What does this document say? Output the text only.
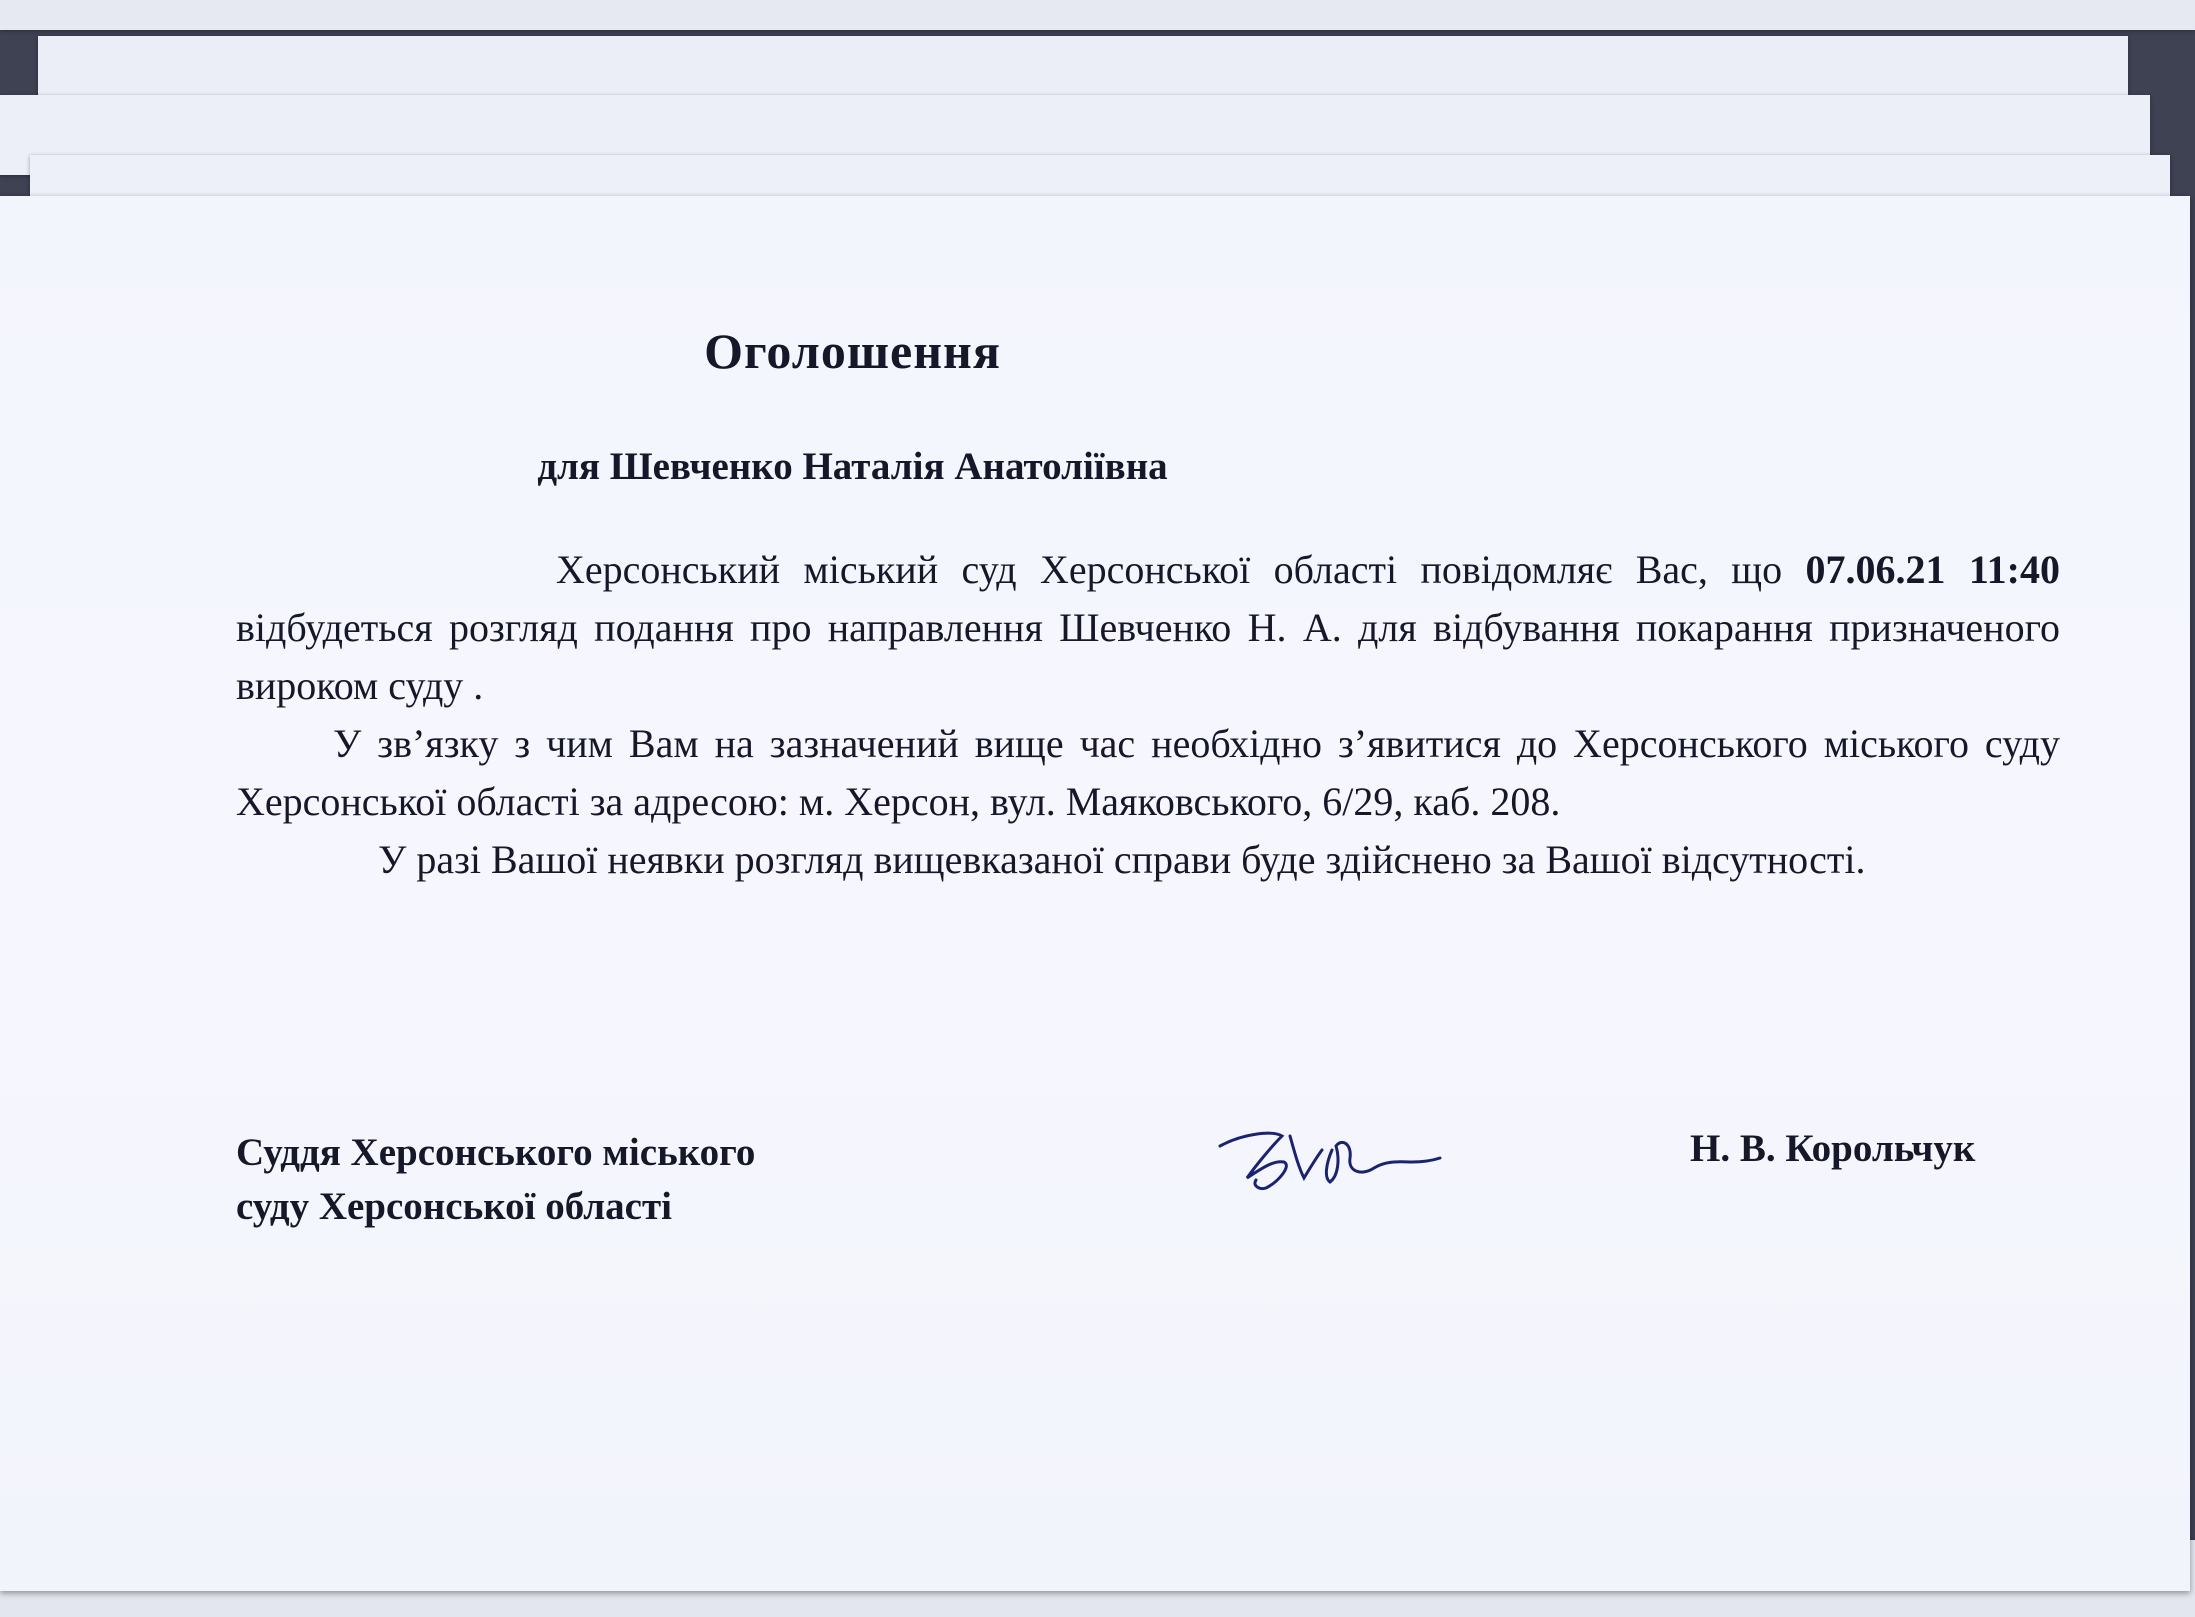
Оголошення
для Шевченко Наталія Анатоліївна

Херсонський міський суд Херсонської області повідомляє Вас, що 07.06.21 11:40 відбудеться розгляд подання про направлення Шевченко Н. А. для відбування покарання призначеного вироком суду .

У зв’язку з чим Вам на зазначений вище час необхідно з’явитися до Херсонського міського суду Херсонської області за адресою: м. Херсон, вул. Маяковського, 6/29, каб. 208.

У разі Вашої неявки розгляд вищевказаної справи буде здійснено за Вашої відсутності.

Суддя Херсонського міського
суду Херсонської області
Н. В. Корольчук
